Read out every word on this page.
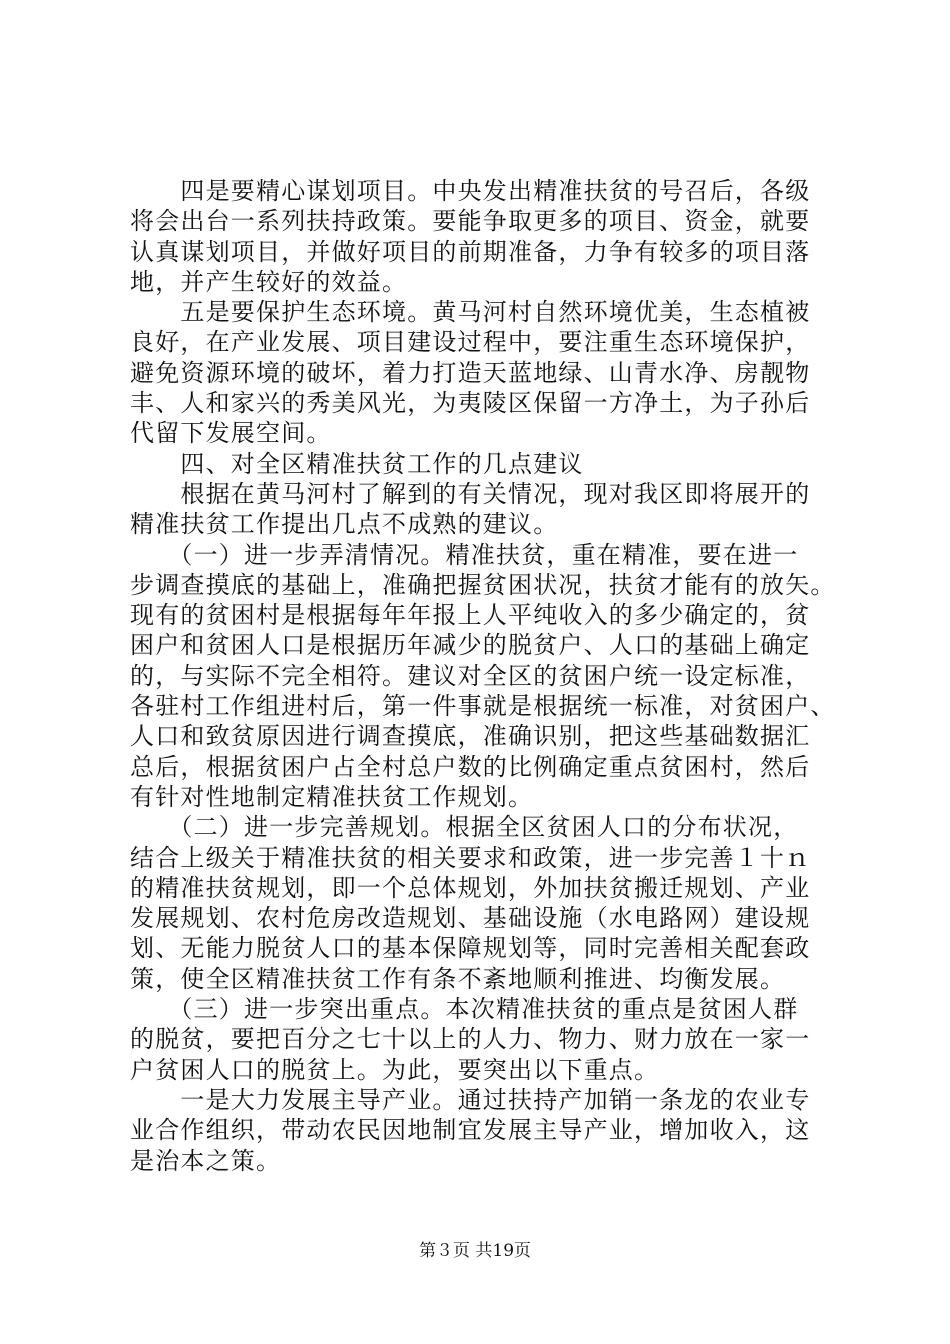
　　四是要精心谋划项目。中央发出精准扶贫的号召后，各级
将会出台一系列扶持政策。要能争取更多的项目、资金，就要
认真谋划项目，并做好项目的前期准备，力争有较多的项目落
地，并产生较好的效益。
　　五是要保护生态环境。黄马河村自然环境优美，生态植被
良好，在产业发展、项目建设过程中，要注重生态环境保护，
避免资源环境的破坏，着力打造天蓝地绿、山青水净、房靓物
丰、人和家兴的秀美风光，为夷陵区保留一方净土，为子孙后
代留下发展空间。
　　四、对全区精准扶贫工作的几点建议
　　根据在黄马河村了解到的有关情况，现对我区即将展开的
精准扶贫工作提出几点不成熟的建议。
　　（一）进一步弄清情况。精准扶贫，重在精准，要在进一
步调查摸底的基础上，准确把握贫困状况，扶贫才能有的放矢。
现有的贫困村是根据每年年报上人平纯收入的多少确定的，贫
困户和贫困人口是根据历年减少的脱贫户、人口的基础上确定
的，与实际不完全相符。建议对全区的贫困户统一设定标准，
各驻村工作组进村后，第一件事就是根据统一标准，对贫困户、
人口和致贫原因进行调查摸底，准确识别，把这些基础数据汇
总后，根据贫困户占全村总户数的比例确定重点贫困村，然后
有针对性地制定精准扶贫工作规划。
　　（二）进一步完善规划。根据全区贫困人口的分布状况，
结合上级关于精准扶贫的相关要求和政策，进一步完善１十ｎ
的精准扶贫规划，即一个总体规划，外加扶贫搬迁规划、产业
发展规划、农村危房改造规划、基础设施（水电路网）建设规
划、无能力脱贫人口的基本保障规划等，同时完善相关配套政
策，使全区精准扶贫工作有条不紊地顺利推进、均衡发展。
　　（三）进一步突出重点。本次精准扶贫的重点是贫困人群
的脱贫，要把百分之七十以上的人力、物力、财力放在一家一
户贫困人口的脱贫上。为此，要突出以下重点。
　　一是大力发展主导产业。通过扶持产加销一条龙的农业专
业合作组织，带动农民因地制宜发展主导产业，增加收入，这
是治本之策。
第３页 共19页
